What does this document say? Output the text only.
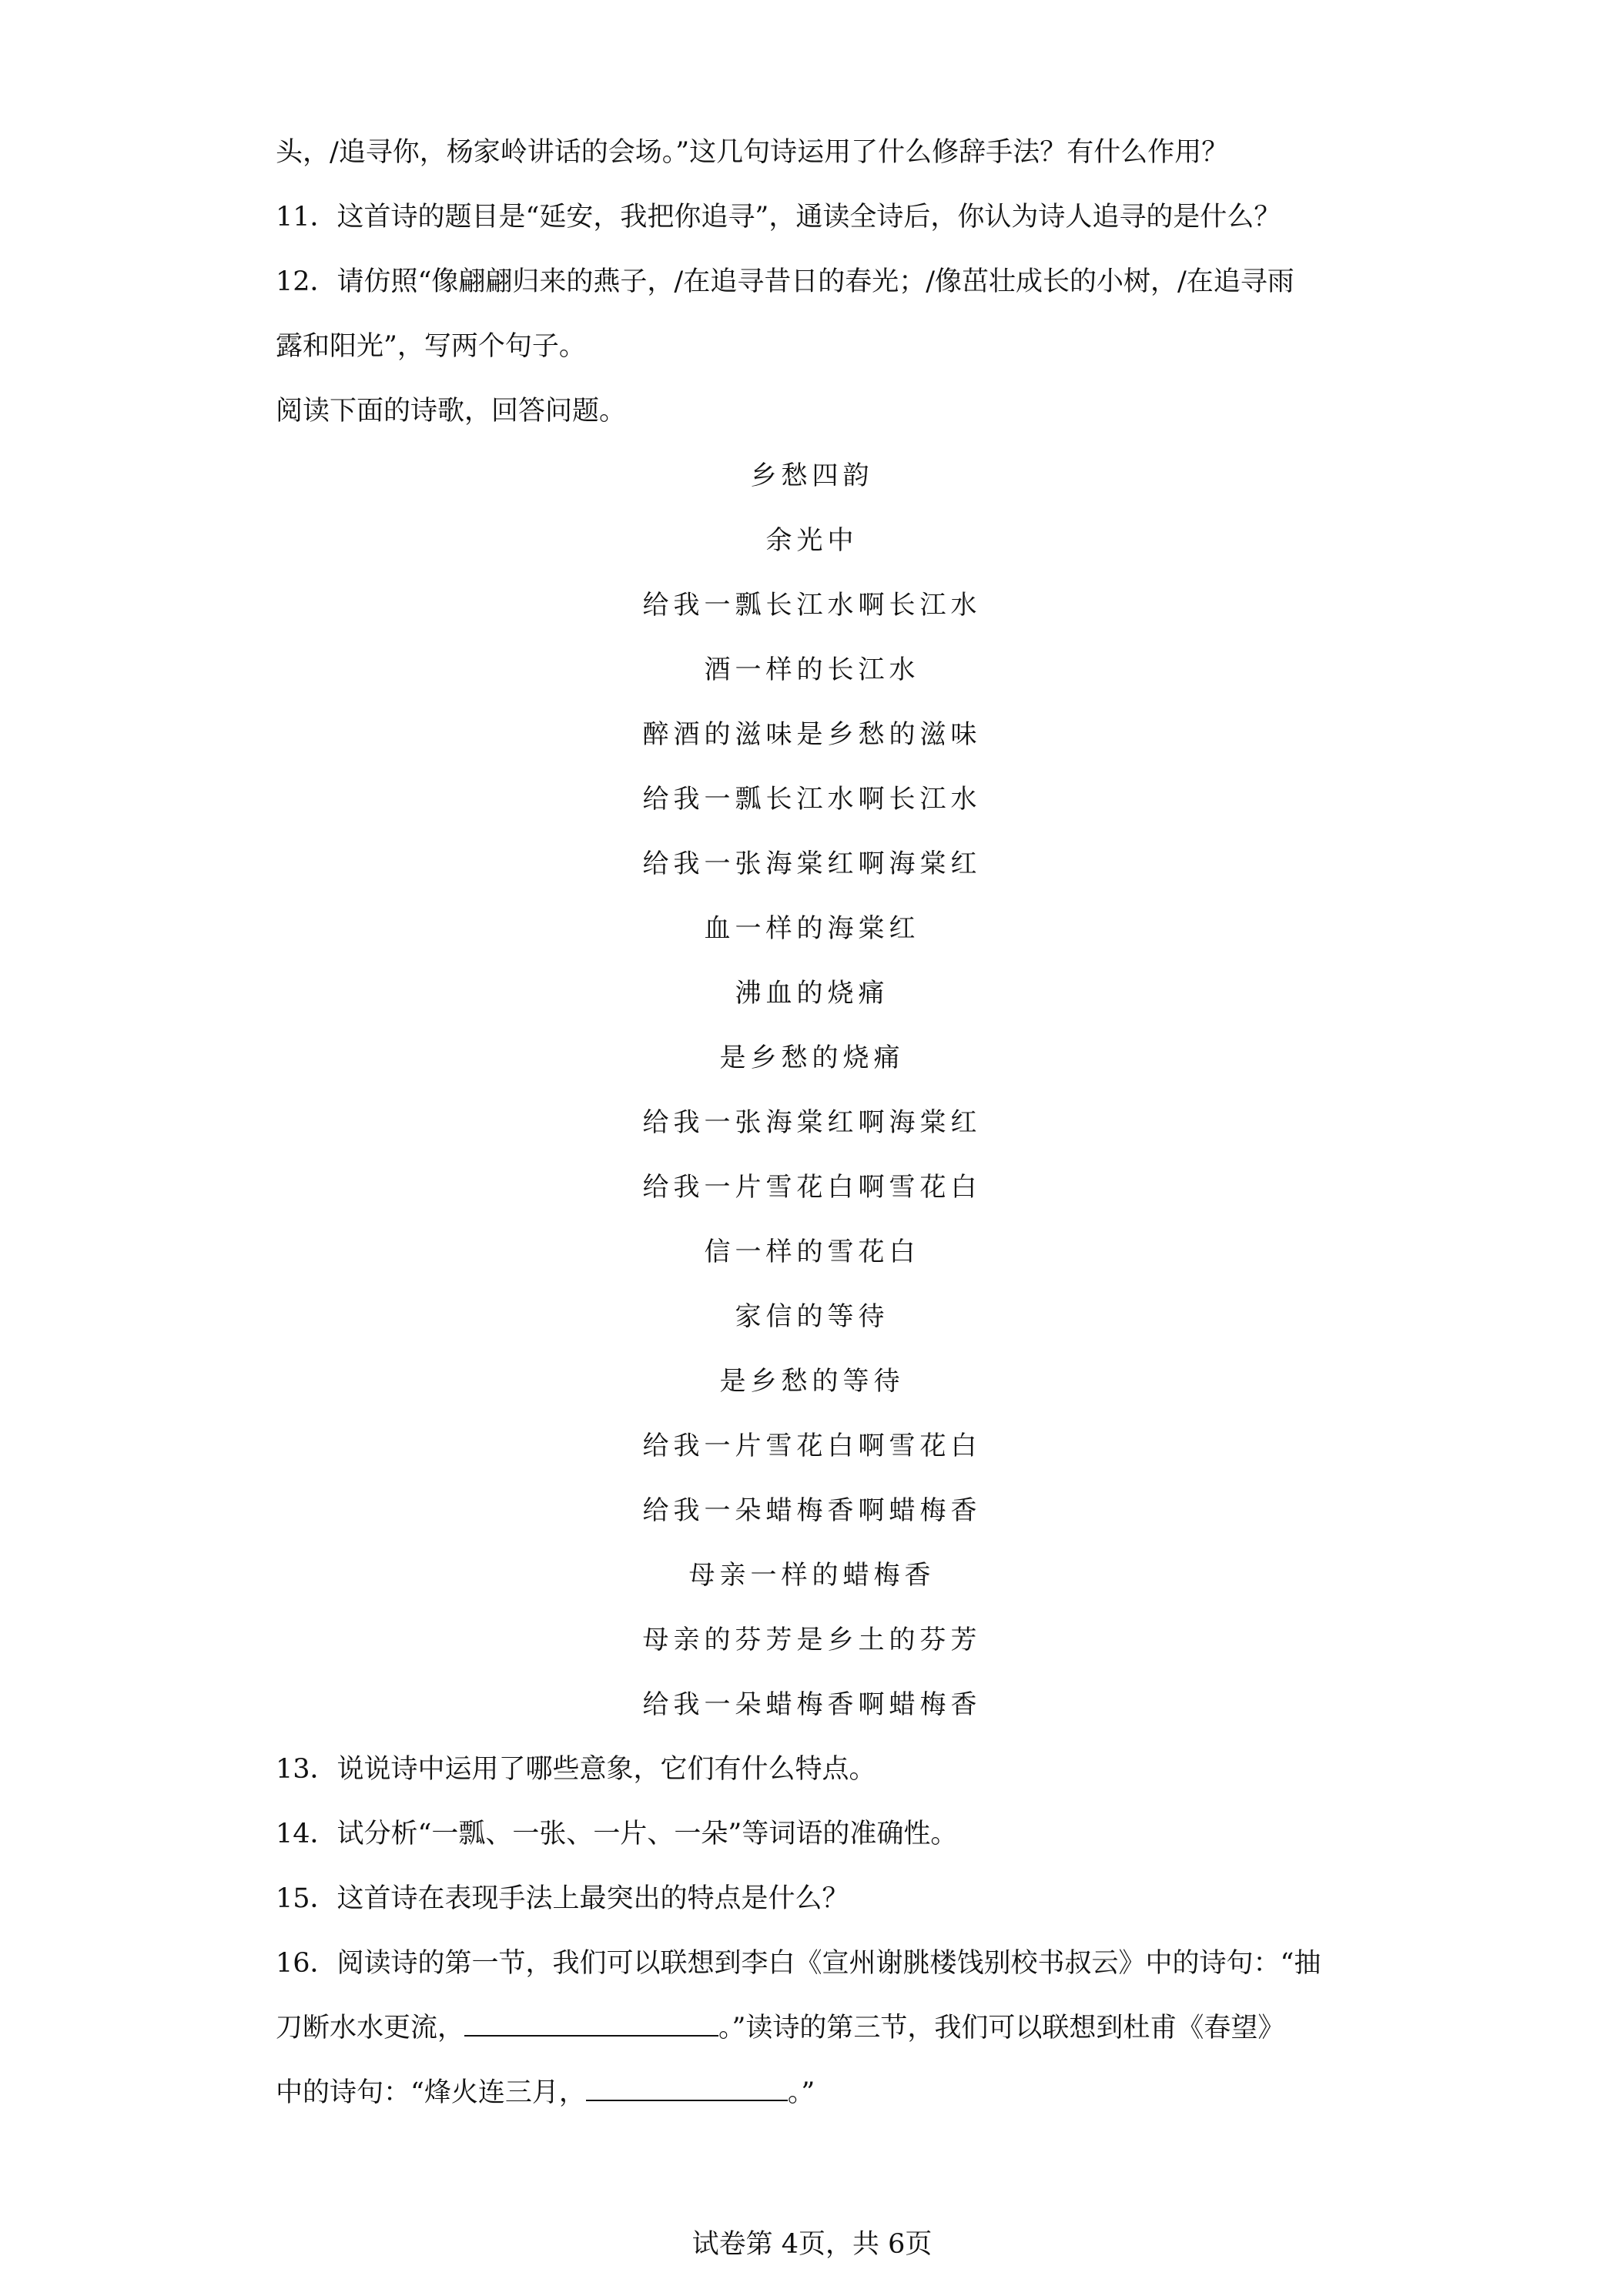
头，/追寻你，杨家岭讲话的会场。”这几句诗运用了什么修辞手法？有什么作用？
11．这首诗的题目是“延安，我把你追寻”，通读全诗后，你认为诗人追寻的是什么？
12．请仿照“像翩翩归来的燕子，/在追寻昔日的春光；/像茁壮成长的小树，/在追寻雨
露和阳光”，写两个句子。
阅读下面的诗歌，回答问题。
乡愁四韵
余光中
给我一瓢长江水啊长江水
酒一样的长江水
醉酒的滋味是乡愁的滋味
给我一瓢长江水啊长江水
给我一张海棠红啊海棠红
血一样的海棠红
沸血的烧痛
是乡愁的烧痛
给我一张海棠红啊海棠红
给我一片雪花白啊雪花白
信一样的雪花白
家信的等待
是乡愁的等待
给我一片雪花白啊雪花白
给我一朵蜡梅香啊蜡梅香
母亲一样的蜡梅香
母亲的芬芳是乡土的芬芳
给我一朵蜡梅香啊蜡梅香
13．说说诗中运用了哪些意象，它们有什么特点。
14．试分析“一瓢、一张、一片、一朵”等词语的准确性。
15．这首诗在表现手法上最突出的特点是什么？
16．阅读诗的第一节，我们可以联想到李白《宣州谢朓楼饯别校书叔云》中的诗句：“抽
刀断水水更流，	。”读诗的第三节，我们可以联想到杜甫《春望》
中的诗句：“烽火连三月，	。”
试卷第 4页，共 6页
